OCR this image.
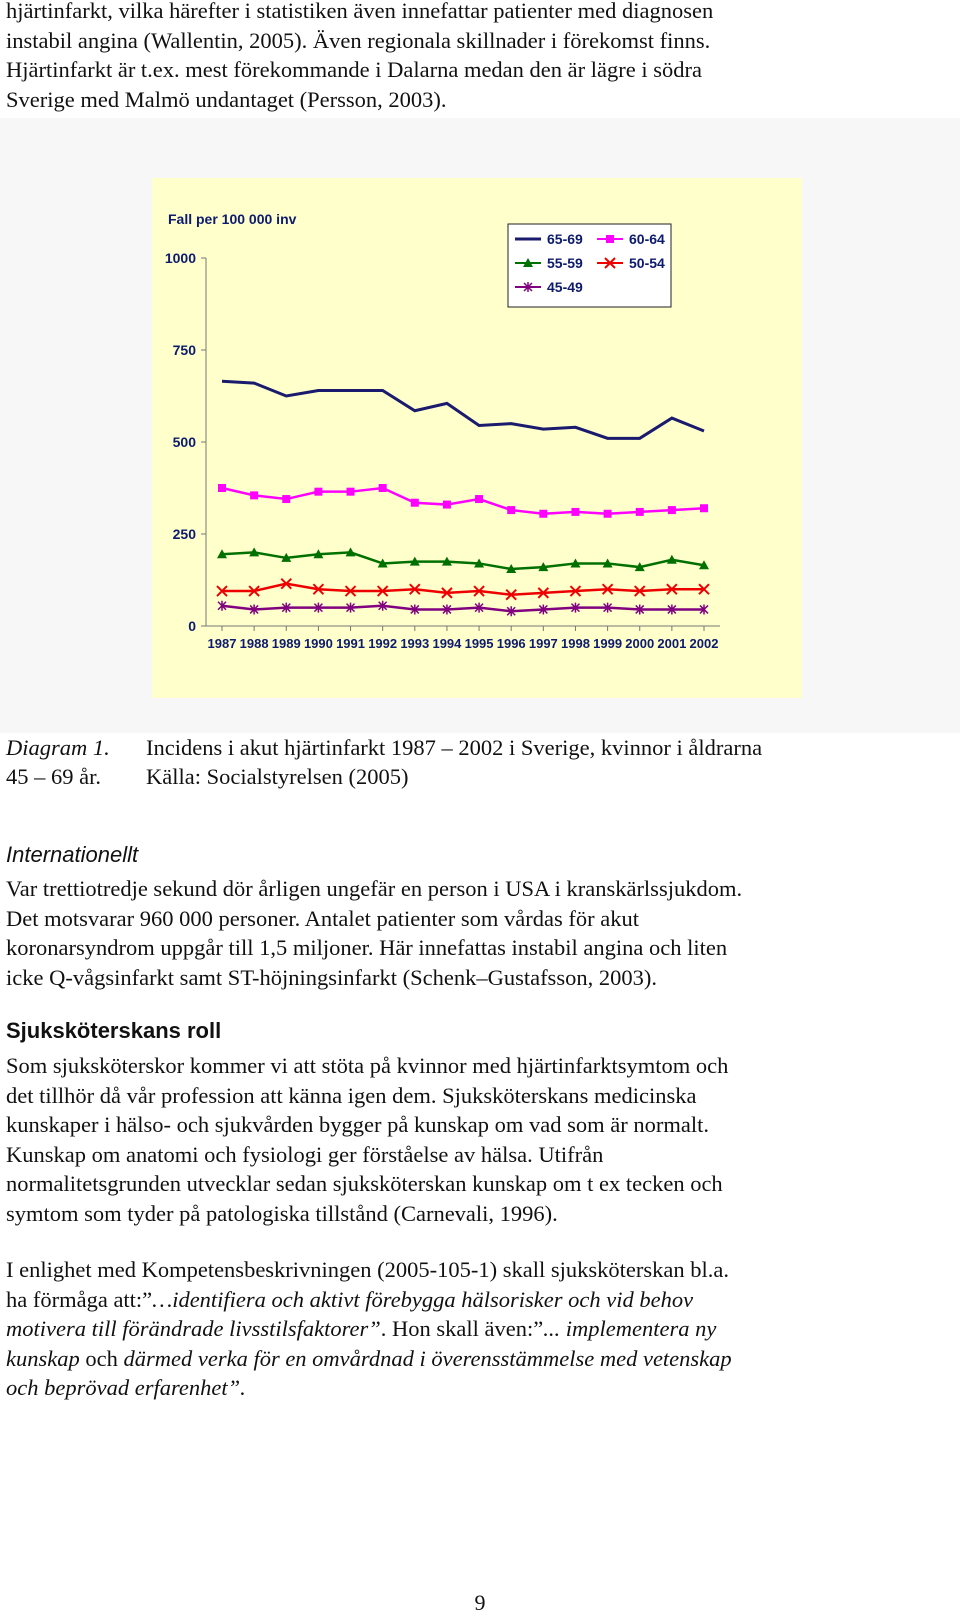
hjärtinfarkt, vilka härefter i statistiken även innefattar patienter med diagnosen
instabil angina (Wallentin, 2005). Även regionala skillnader i förekomst finns.
Hjärtinfarkt är t.ex. mest förekommande i Dalarna medan den är lägre i södra
Sverige med Malmö undantaget (Persson, 2003).
Fall per 100 000 inv
0
250
500
750
1000
1987 1988 1989 1990 1991 1992 1993 1994 1995 1996 1997 1998 1999 2000 2001 2002
65-69	60-64
55-59	50-54
45-49
Diagram 1. Incidens i akut hjärtinfarkt 1987 – 2002 i Sverige, kvinnor i åldrarna
45 – 69 år. Källa: Socialstyrelsen (2005)
Internationellt
Var trettiotredje sekund dör årligen ungefär en person i USA i kranskärlssjukdom.
Det motsvarar 960 000 personer. Antalet patienter som vårdas för akut
koronarsyndrom uppgår till 1,5 miljoner. Här innefattas instabil angina och liten
icke Q-vågsinfarkt samt ST-höjningsinfarkt (Schenk–Gustafsson, 2003).
Sjuksköterskans roll
Som sjuksköterskor kommer vi att stöta på kvinnor med hjärtinfarktsymtom och
det tillhör då vår profession att känna igen dem. Sjuksköterskans medicinska
kunskaper i hälso- och sjukvården bygger på kunskap om vad som är normalt.
Kunskap om anatomi och fysiologi ger förståelse av hälsa. Utifrån
normalitetsgrunden utvecklar sedan sjuksköterskan kunskap om t ex tecken och
symtom som tyder på patologiska tillstånd (Carnevali, 1996).
I enlighet med Kompetensbeskrivningen (2005-105-1) skall sjuksköterskan bl.a.
ha förmåga att:”…identifiera och aktivt förebygga hälsorisker och vid behov
motivera till förändrade livsstilsfaktorer”. Hon skall även:”... implementera ny
kunskap och därmed verka för en omvårdnad i överensstämmelse med vetenskap
och beprövad erfarenhet”.
9
